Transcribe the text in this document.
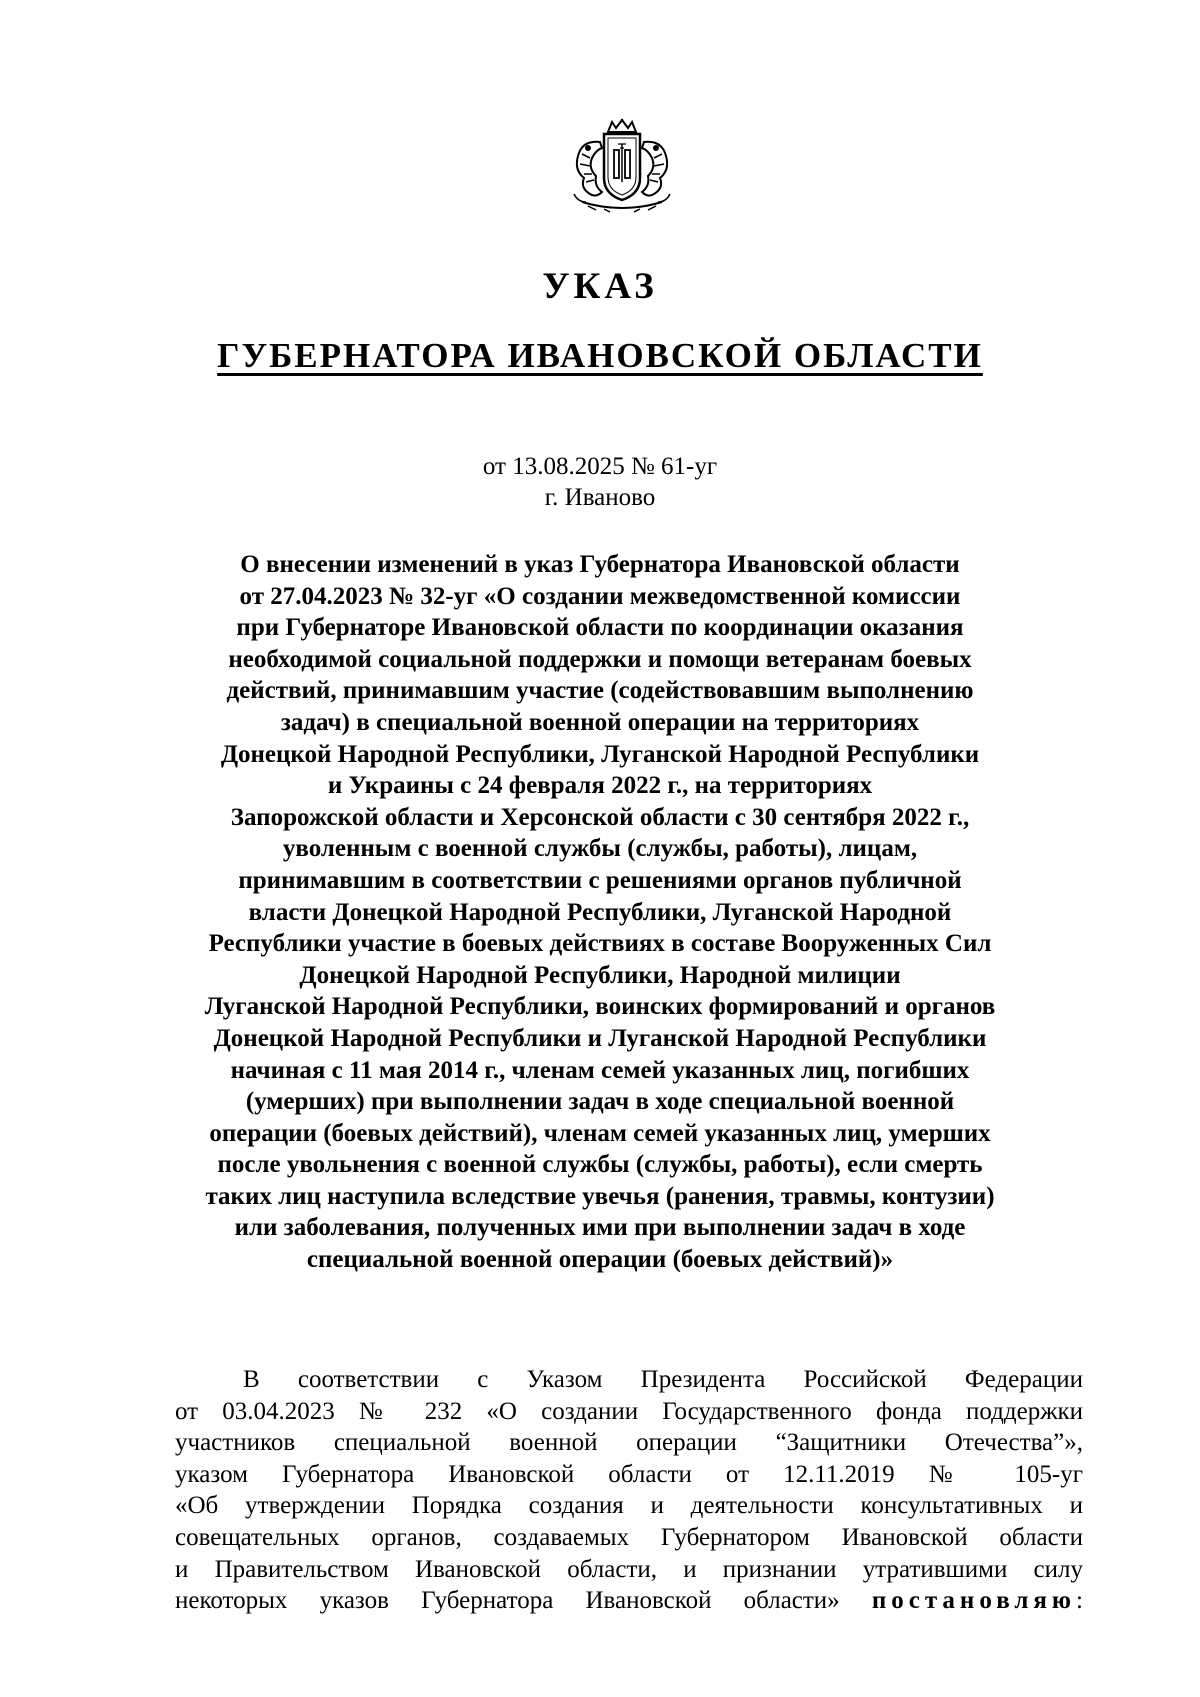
УКАЗ
ГУБЕРНАТОРА ИВАНОВСКОЙ ОБЛАСТИ
от 13.08.2025 № 61-уг
г. Иваново
О внесении изменений в указ Губернатора Ивановской области
от 27.04.2023 № 32-уг «О создании межведомственной комиссии
при Губернаторе Ивановской области по координации оказания
необходимой социальной поддержки и помощи ветеранам боевых
действий, принимавшим участие (содействовавшим выполнению
задач) в специальной военной операции на территориях
Донецкой Народной Республики, Луганской Народной Республики
и Украины с 24 февраля 2022 г., на территориях
Запорожской области и Херсонской области с 30 сентября 2022 г.,
уволенным с военной службы (службы, работы), лицам,
принимавшим в соответствии с решениями органов публичной
власти Донецкой Народной Республики, Луганской Народной
Республики участие в боевых действиях в составе Вооруженных Сил
Донецкой Народной Республики, Народной милиции
Луганской Народной Республики, воинских формирований и органов
Донецкой Народной Республики и Луганской Народной Республики
начиная с 11 мая 2014 г., членам семей указанных лиц, погибших
(умерших) при выполнении задач в ходе специальной военной
операции (боевых действий), членам семей указанных лиц, умерших
после увольнения с военной службы (службы, работы), если смерть
таких лиц наступила вследствие увечья (ранения, травмы, контузии)
или заболевания, полученных ими при выполнении задач в ходе
специальной военной операции (боевых действий)»
В соответствии с Указом Президента Российской Федерации
от 03.04.2023 № 232 «О создании Государственного фонда поддержки
участников специальной военной операции “Защитники Отечества”»,
указом Губернатора Ивановской области от 12.11.2019 № 105-уг
«Об утверждении Порядка создания и деятельности консультативных и
совещательных органов, создаваемых Губернатором Ивановской области
и Правительством Ивановской области, и признании утратившими силу
некоторых указов Губернатора Ивановской области» постановляю:
